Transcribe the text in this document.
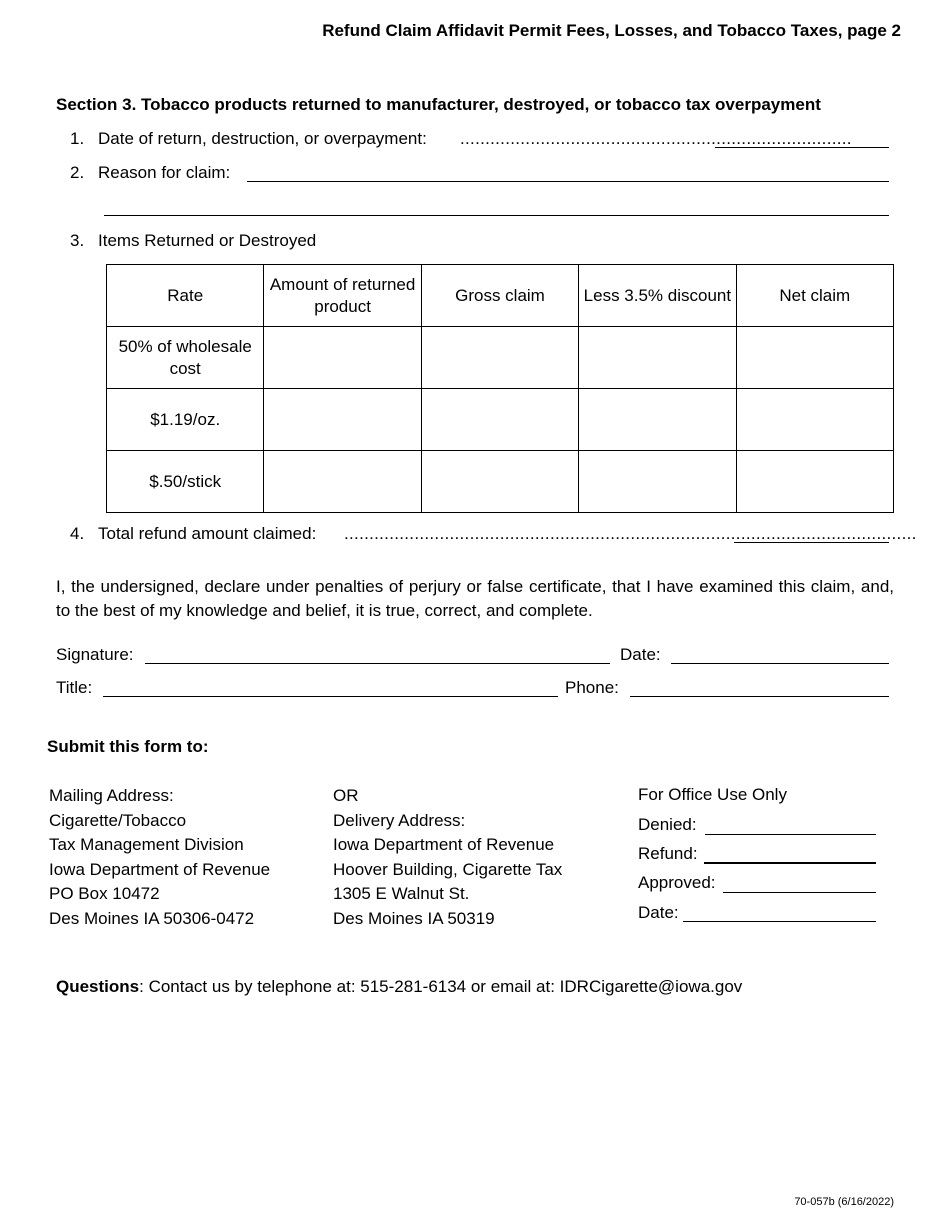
Refund Claim Affidavit Permit Fees, Losses, and Tobacco Taxes, page 2
Section 3. Tobacco products returned to manufacturer, destroyed, or tobacco tax overpayment
1. Date of return, destruction, or overpayment: ..............................................................................
2. Reason for claim:
3. Items Returned or Destroyed
Rate	Amount of returned product	Gross claim	Less 3.5% discount	Net claim
50% of wholesale cost				
$1.19/oz.				
$.50/stick				
4. Total refund amount claimed: ..................................................................................................................
I, the undersigned, declare under penalties of perjury or false certificate, that I have examined this claim, and, to the best of my knowledge and belief, it is true, correct, and complete.
Signature:	Date:
Title:	Phone:
Submit this form to:
Mailing Address:
Cigarette/Tobacco
Tax Management Division
Iowa Department of Revenue
PO Box 10472
Des Moines IA 50306-0472
OR
Delivery Address:
Iowa Department of Revenue
Hoover Building, Cigarette Tax
1305 E Walnut St.
Des Moines IA 50319
For Office Use Only
Denied:
Refund:
Approved:
Date:
Questions: Contact us by telephone at: 515-281-6134 or email at: IDRCigarette@iowa.gov
70-057b (6/16/2022)
